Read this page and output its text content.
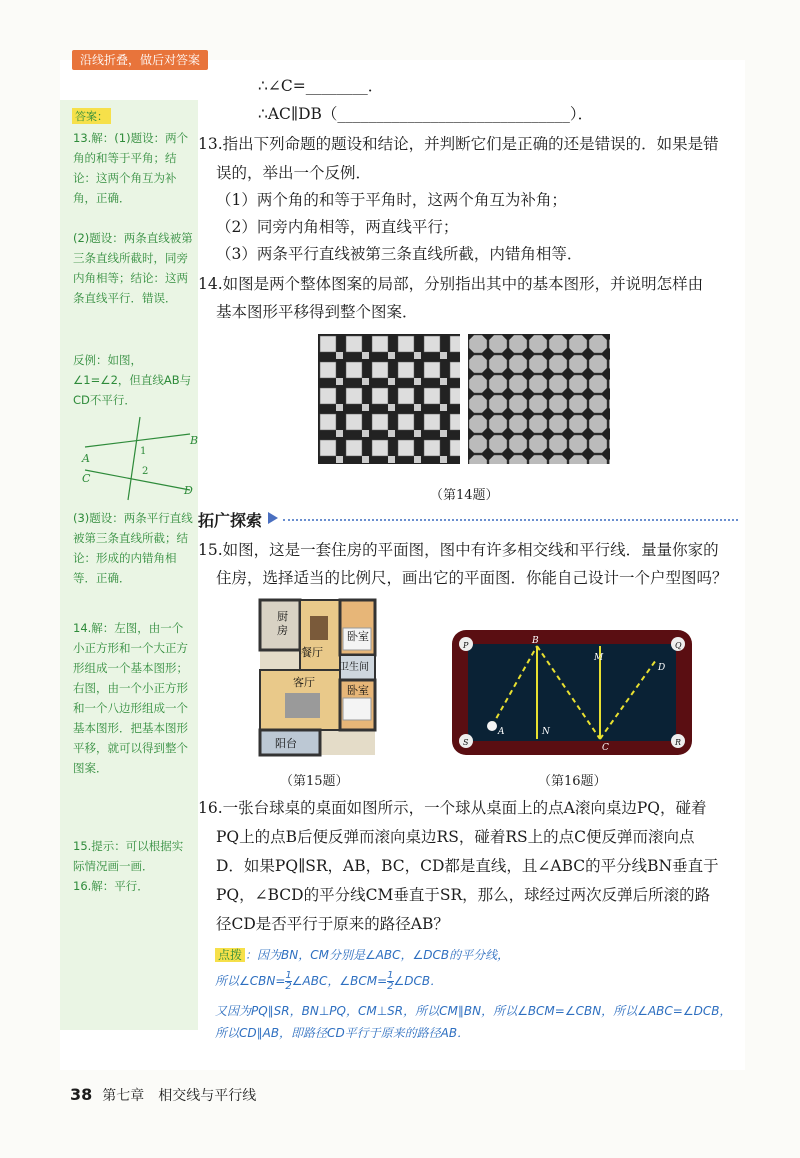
沿线折叠，做后对答案
答案：
13.解：(1)题设：两个角的和等于平角；结论：这两个角互为补角，正确．
(2)题设：两条直线被第三条直线所截时，同旁内角相等；结论：这两条直线平行．错误．
反例：如图，∠1=∠2，但直线AB与CD不平行．
A
B
C
D
1
2
(3)题设：两条平行直线被第三条直线所截；结论：形成的内错角相等．正确．
14.解：左图，由一个小正方形和一个大正方形组成一个基本图形；右图，由一个小正方形和一个八边形组成一个基本图形．把基本图形平移，就可以得到整个图案．
15.提示：可以根据实际情况画一画．
16.解：平行．
∴∠C=________．
∴AC∥DB（______________________________）．
13.指出下列命题的题设和结论，并判断它们是正确的还是错误的．如果是错
误的，举出一个反例．
（1）两个角的和等于平角时，这两个角互为补角；
（2）同旁内角相等，两直线平行；
（3）两条平行直线被第三条直线所截，内错角相等．
14.如图是两个整体图案的局部，分别指出其中的基本图形，并说明怎样由
基本图形平移得到整个图案．
（第14题）
拓广探索
15.如图，这是一套住房的平面图，图中有许多相交线和平行线．量量你家的
住房，选择适当的比例尺，画出它的平面图．你能自己设计一个户型图吗？
厨
房	卧室
餐厅
卫生间
客厅
卧室
阳台
（第15题）
P	Q
R
S
A
B
C
D
M
N
（第16题）
16.一张台球桌的桌面如图所示，一个球从桌面上的点A滚向桌边PQ，碰着
PQ上的点B后便反弹而滚向桌边RS，碰着RS上的点C便反弹而滚向点
D．如果PQ∥SR，AB，BC，CD都是直线，且∠ABC的平分线BN垂直于
PQ，∠BCD的平分线CM垂直于SR，那么，球经过两次反弹后所滚的路
径CD是否平行于原来的路径AB？
点拨 ：因为BN，CM分别是∠ABC，∠DCB的平分线，
所以∠CBN= $\frac{1}{2}$ ∠ABC，∠BCM= $\frac{1}{2}$ ∠DCB．
又因为PQ∥SR，BN⊥PQ，CM⊥SR，所以CM∥BN，所以∠BCM=∠CBN，所以∠ABC=∠DCB，
所以CD∥AB，即路径CD平行于原来的路径AB．
38 第七章　相交线与平行线
